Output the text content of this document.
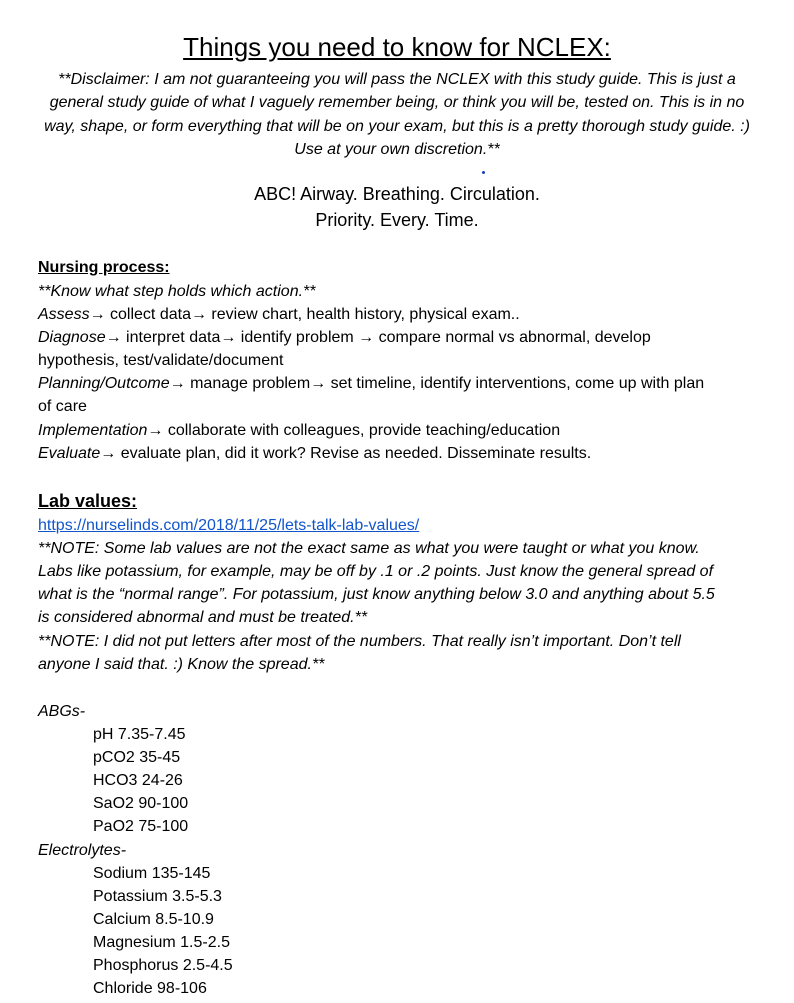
Things you need to know for NCLEX:
**Disclaimer: I am not guaranteeing you will pass the NCLEX with this study guide. This is just a general study guide of what I vaguely remember being, or think you will be, tested on. This is in no way, shape, or form everything that will be on your exam, but this is a pretty thorough study guide. :) Use at your own discretion.**
ABC! Airway. Breathing. Circulation.
Priority. Every. Time.
Nursing process:
**Know what step holds which action.**
Assess→ collect data→ review chart, health history, physical exam..
Diagnose→ interpret data→ identify problem → compare normal vs abnormal, develop
hypothesis, test/validate/document
Planning/Outcome→ manage problem→ set timeline, identify interventions, come up with plan
of care
Implementation→ collaborate with colleagues, provide teaching/education
Evaluate→ evaluate plan, did it work? Revise as needed. Disseminate results.
Lab values:
https://nurselinds.com/2018/11/25/lets-talk-lab-values/
**NOTE: Some lab values are not the exact same as what you were taught or what you know.
Labs like potassium, for example, may be off by .1 or .2 points. Just know the general spread of
what is the “normal range”. For potassium, just know anything below 3.0 and anything about 5.5
is considered abnormal and must be treated.**
**NOTE: I did not put letters after most of the numbers. That really isn’t important. Don’t tell
anyone I said that. :) Know the spread.**
ABGs-
pH 7.35-7.45
pCO2 35-45
HCO3 24-26
SaO2 90-100
PaO2 75-100
Electrolytes-
Sodium 135-145
Potassium 3.5-5.3
Calcium 8.5-10.9
Magnesium 1.5-2.5
Phosphorus 2.5-4.5
Chloride 98-106
